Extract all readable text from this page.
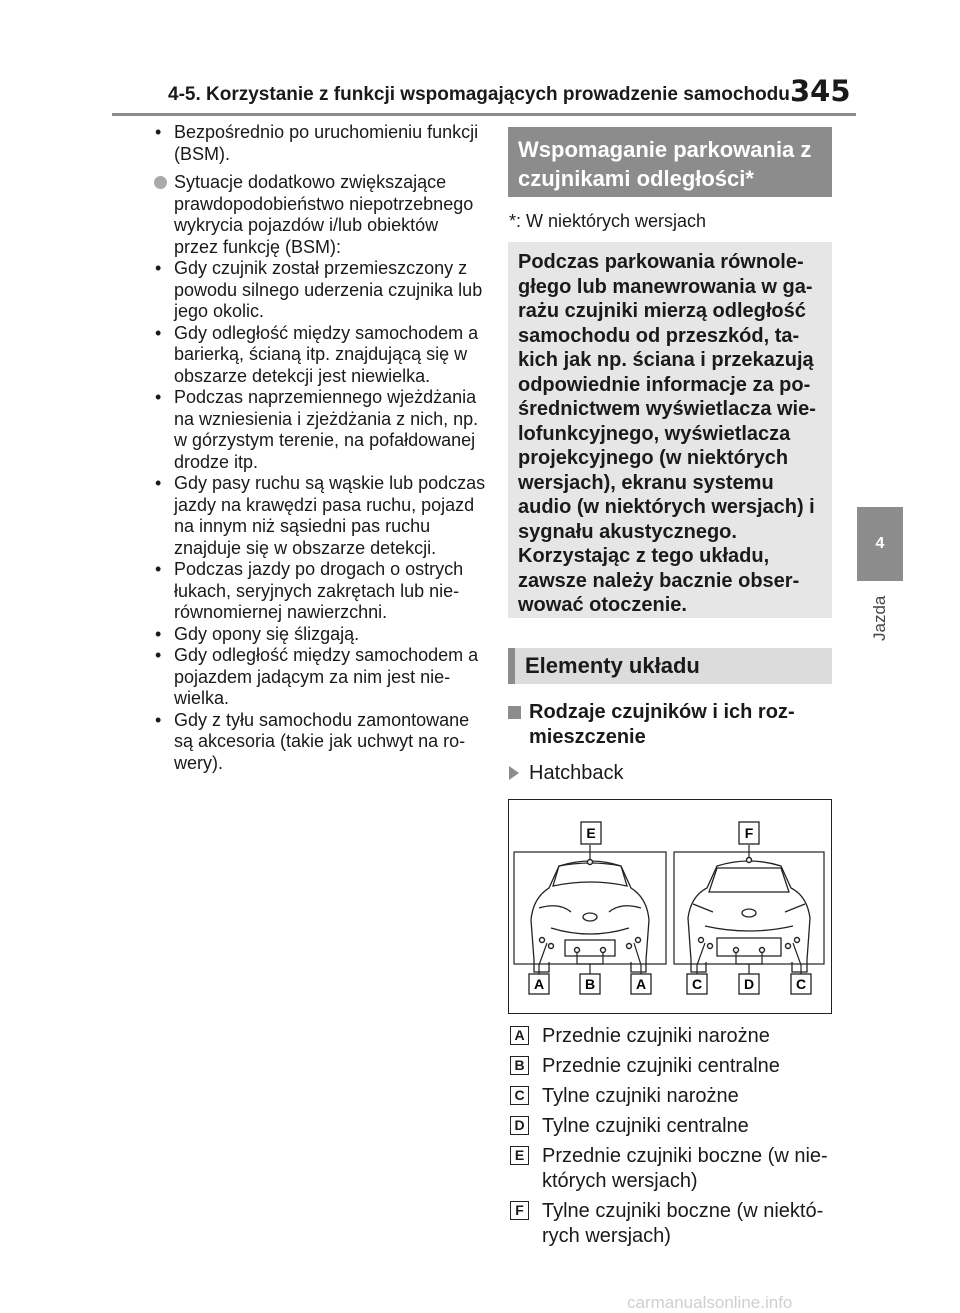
4-5. Korzystanie z funkcji wspomagających prowadzenie samochodu 345
4
Jazda
• Bezpośrednio po uruchomieniu funkcji (BSM).
Sytuacje dodatkowo zwiększające prawdopodobieństwo niepotrzebnego wykrycia pojazdów i/lub obiektów przez funkcję (BSM):
• Gdy czujnik został przemieszczony z powodu silnego uderzenia czujnika lub jego okolic.
• Gdy odległość między samochodem a barierką, ścianą itp. znajdującą się w obszarze detekcji jest niewielka.
• Podczas naprzemiennego wjeżdżania na wzniesienia i zjeżdżania z nich, np. w górzystym terenie, na pofałdowanej drodze itp.
• Gdy pasy ruchu są wąskie lub podczas jazdy na krawędzi pasa ruchu, pojazd na innym niż sąsiedni pas ruchu znajduje się w obszarze detekcji.
• Podczas jazdy po drogach o ostrych łukach, seryjnych zakrętach lub nierównomiernej nawierzchni.
• Gdy opony się ślizgają.
• Gdy odległość między samochodem a pojazdem jadącym za nim jest niewielka.
• Gdy z tyłu samochodu zamontowane są akcesoria (takie jak uchwyt na rowery).
Wspomaganie parkowania z czujnikami odległości*
*: W niektórych wersjach
Podczas parkowania równoległego lub manewrowania w garażu czujniki mierzą odległość samochodu od przeszkód, takich jak np. ściana i przekazują odpowiednie informacje za pośrednictwem wyświetlacza wielofunkcyjnego, wyświetlacza projekcyjnego (w niektórych wersjach), ekranu systemu audio (w niektórych wersjach) i sygnału akustycznego. Korzystając z tego układu, zawsze należy bacznie obserwować otoczenie.
Elementy układu
Rodzaje czujników i ich rozmieszczenie
Hatchback
E	F
A	B	A	C	D	C
A Przednie czujniki narożne
B Przednie czujniki centralne
C Tylne czujniki narożne
D Tylne czujniki centralne
E Przednie czujniki boczne (w niektórych wersjach)
F Tylne czujniki boczne (w niektórych wersjach)
carmanualsonline.info
